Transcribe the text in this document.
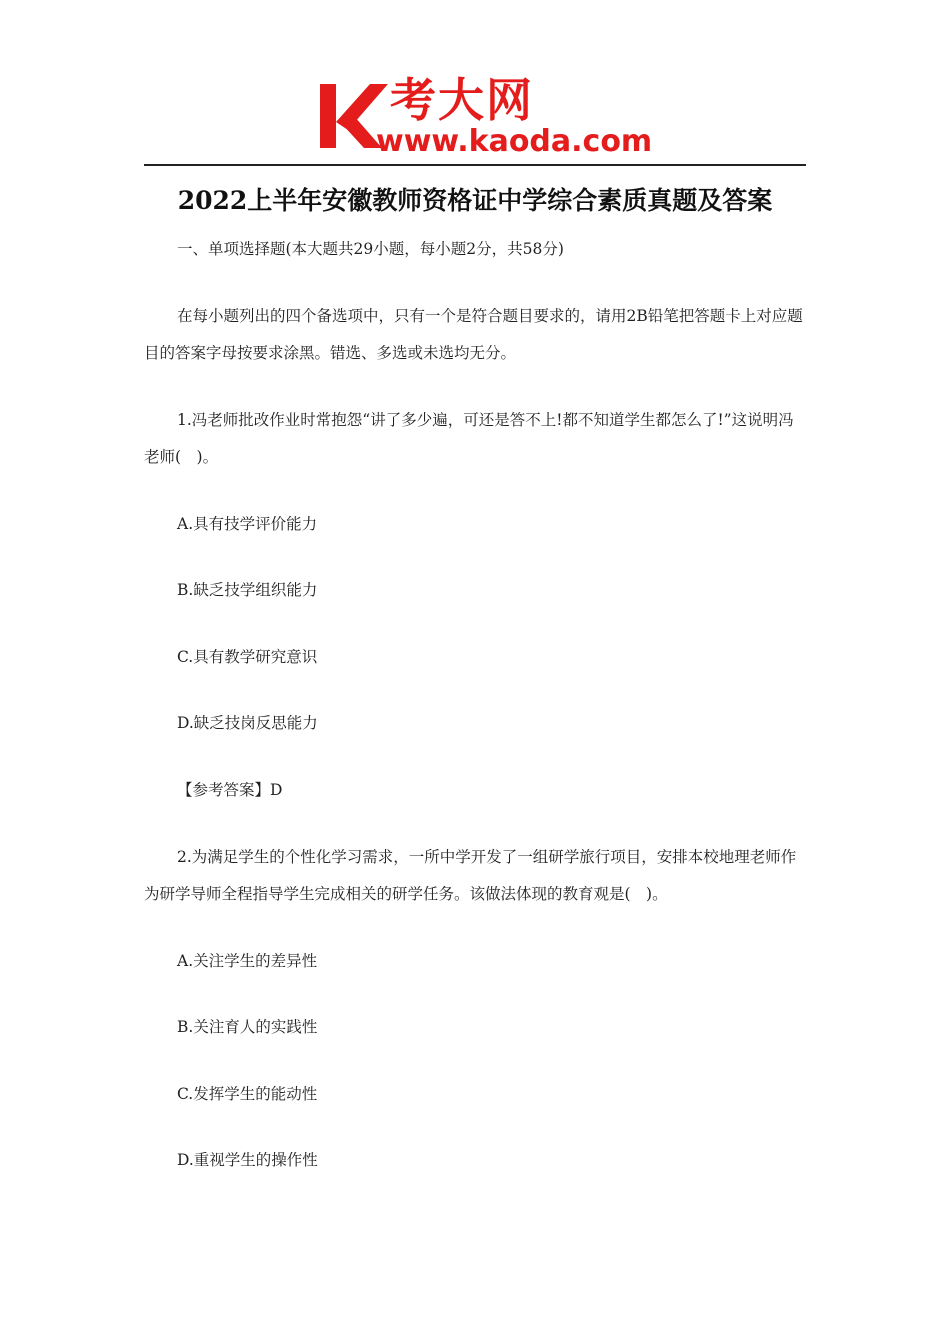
考大网
www.kaoda.com
2022上半年安徽教师资格证中学综合素质真题及答案
一、单项选择题(本大题共29小题，每小题2分，共58分)
在每小题列出的四个备选项中，只有一个是符合题目要求的，请用2B铅笔把答题卡上对应题目的答案字母按要求涂黑。错选、多选或未选均无分。
1.冯老师批改作业时常抱怨“讲了多少遍，可还是答不上!都不知道学生都怎么了!”这说明冯老师(　)。
A.具有技学评价能力
B.缺乏技学组织能力
C.具有教学研究意识
D.缺乏技岗反思能力
【参考答案】D
2.为满足学生的个性化学习需求，一所中学开发了一组研学旅行项目，安排本校地理老师作为研学导师全程指导学生完成相关的研学任务。该做法体现的教育观是(　)。
A.关注学生的差异性
B.关注育人的实践性
C.发挥学生的能动性
D.重视学生的操作性
